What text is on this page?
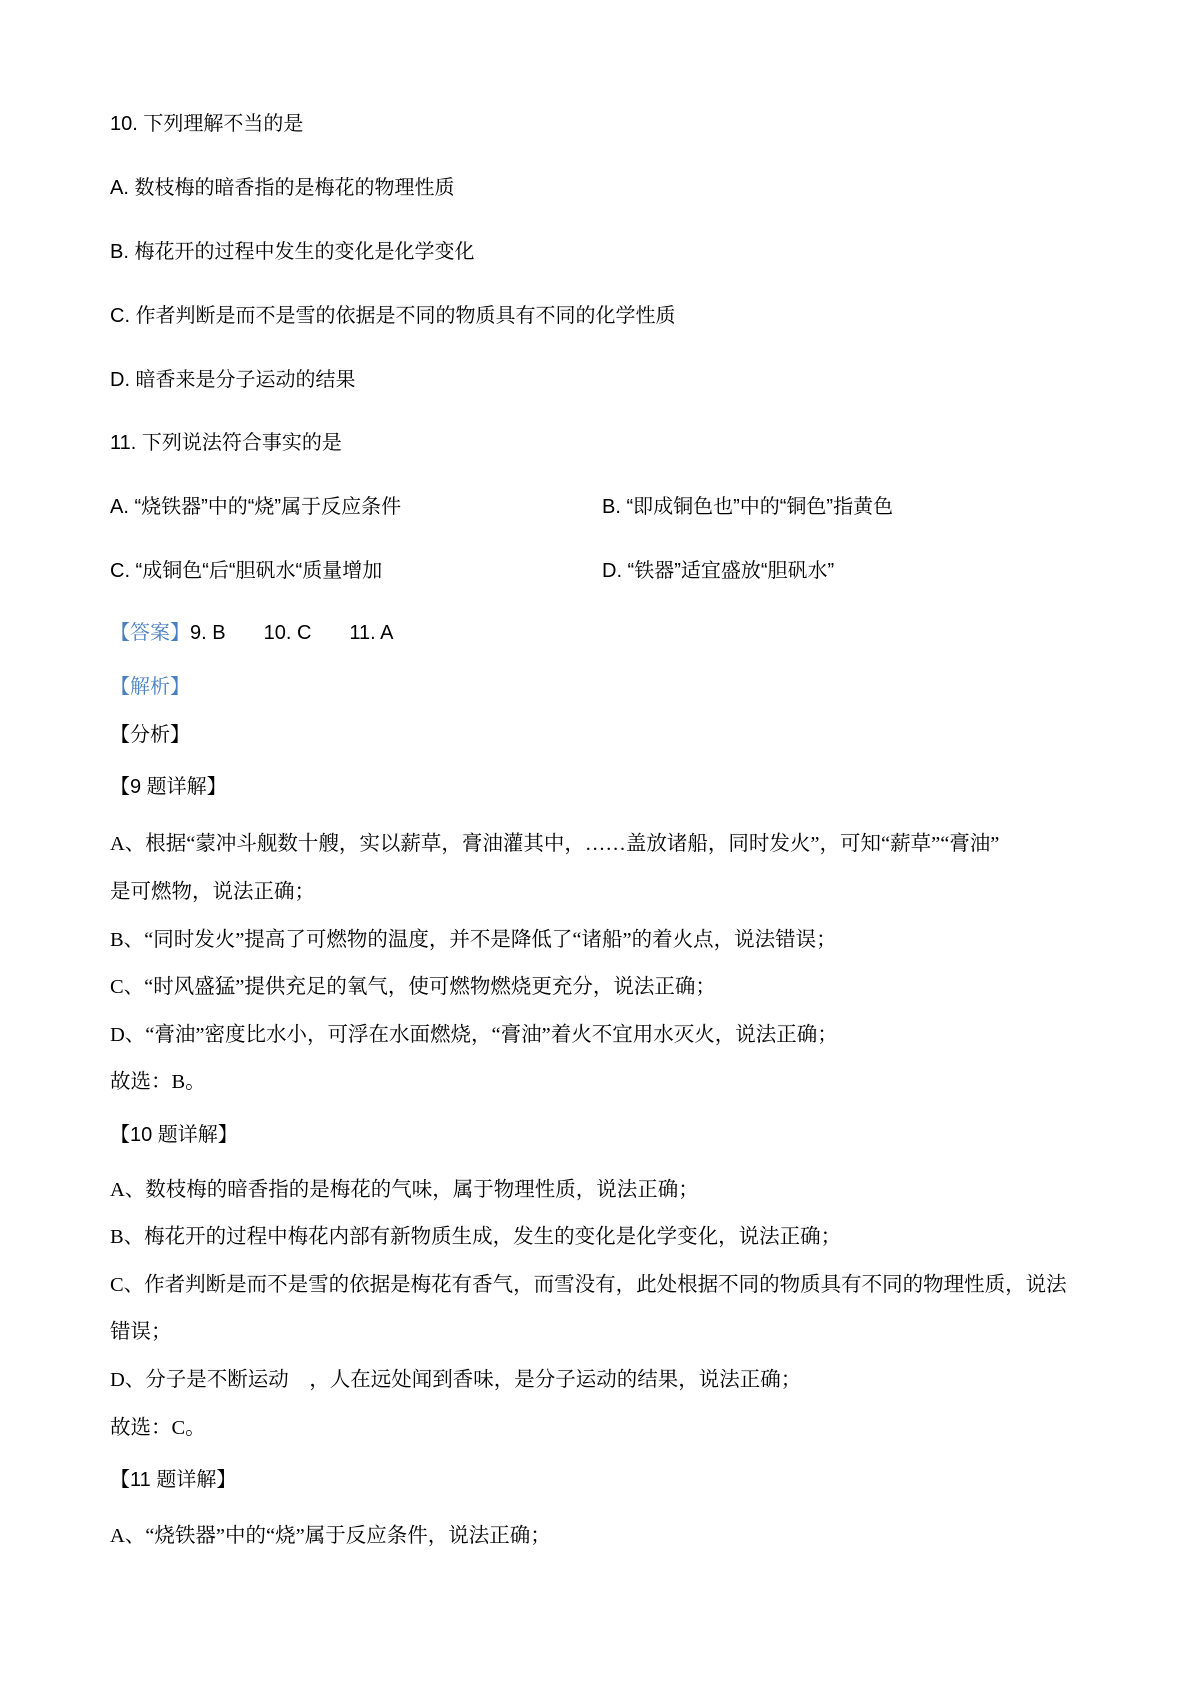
10. 下列理解不当的是
A. 数枝梅的暗香指的是梅花的物理性质
B. 梅花开的过程中发生的变化是化学变化
C. 作者判断是而不是雪的依据是不同的物质具有不同的化学性质
D. 暗香来是分子运动的结果
11. 下列说法符合事实的是
A. “烧铁器”中的“烧”属于反应条件	B. “即成铜色也”中的“铜色”指黄色
C. “成铜色“后“胆矾水“质量增加	D. “铁器”适宜盛放“胆矾水”
【答案】9. B 10. C 11. A
【解析】
【分析】
【9 题详解】
A、根据“蒙冲斗舰数十艘，实以薪草，膏油灌其中，……盖放诸船，同时发火”，可知“薪草”“膏油”
是可燃物，说法正确；
B、“同时发火”提高了可燃物的温度，并不是降低了“诸船”的着火点，说法错误；
C、“时风盛猛”提供充足的氧气，使可燃物燃烧更充分，说法正确；
D、“膏油”密度比水小，可浮在水面燃烧，“膏油”着火不宜用水灭火，说法正确；
故选：B。
【10 题详解】
A、数枝梅的暗香指的是梅花的气味，属于物理性质，说法正确；
B、梅花开的过程中梅花内部有新物质生成，发生的变化是化学变化，说法正确；
C、作者判断是而不是雪的依据是梅花有香气，而雪没有，此处根据不同的物质具有不同的物理性质，说法
错误；
D、分子是不断运动　，人在远处闻到香味，是分子运动的结果，说法正确；
故选：C。
【11 题详解】
A、“烧铁器”中的“烧”属于反应条件，说法正确；
